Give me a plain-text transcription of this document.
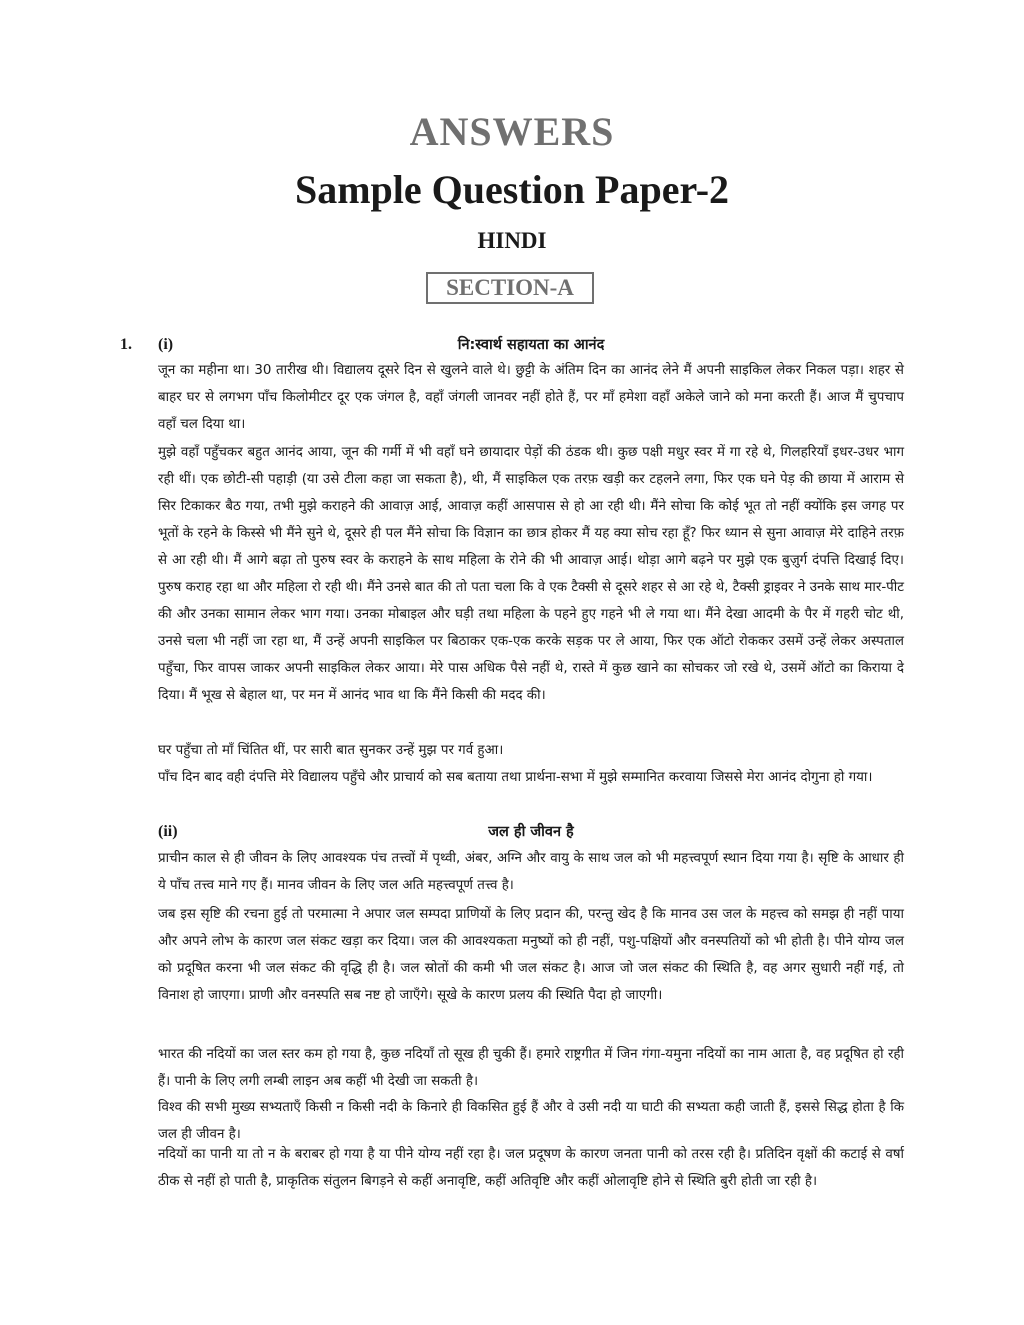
ANSWERS
Sample Question Paper-2
HINDI
SECTION-A
1. (i)	नि:स्वार्थ सहायता का आनंद

जून का महीना था। 30 तारीख थी। विद्यालय दूसरे दिन से खुलने वाले थे। छुट्टी के अंतिम दिन का आनंद लेने मैं अपनी साइकिल लेकर निकल पड़ा। शहर से बाहर घर से लगभग पाँच किलोमीटर दूर एक जंगल है, वहाँ जंगली जानवर नहीं होते हैं, पर माँ हमेशा वहाँ अकेले जाने को मना करती हैं। आज मैं चुपचाप वहाँ चल दिया था।

मुझे वहाँ पहुँचकर बहुत आनंद आया, जून की गर्मी में भी वहाँ घने छायादार पेड़ों की ठंडक थी। कुछ पक्षी मधुर स्वर में गा रहे थे, गिलहरियाँ इधर-उधर भाग रही थीं। एक छोटी-सी पहाड़ी (या उसे टीला कहा जा सकता है), थी, मैं साइकिल एक तरफ़ खड़ी कर टहलने लगा, फिर एक घने पेड़ की छाया में आराम से सिर टिकाकर बैठ गया, तभी मुझे कराहने की आवाज़ आई, आवाज़ कहीं आसपास से हो आ रही थी। मैंने सोचा कि कोई भूत तो नहीं क्योंकि इस जगह पर भूतों के रहने के किस्से भी मैंने सुने थे, दूसरे ही पल मैंने सोचा कि विज्ञान का छात्र होकर मैं यह क्या सोच रहा हूँ? फिर ध्यान से सुना आवाज़ मेरे दाहिने तरफ़ से आ रही थी। मैं आगे बढ़ा तो पुरुष स्वर के कराहने के साथ महिला के रोने की भी आवाज़ आई। थोड़ा आगे बढ़ने पर मुझे एक बुज़ुर्ग दंपत्ति दिखाई दिए। पुरुष कराह रहा था और महिला रो रही थी। मैंने उनसे बात की तो पता चला कि वे एक टैक्सी से दूसरे शहर से आ रहे थे, टैक्सी ड्राइवर ने उनके साथ मार-पीट की और उनका सामान लेकर भाग गया। उनका मोबाइल और घड़ी तथा महिला के पहने हुए गहने भी ले गया था। मैंने देखा आदमी के पैर में गहरी चोट थी, उनसे चला भी नहीं जा रहा था, मैं उन्हें अपनी साइकिल पर बिठाकर एक-एक करके सड़क पर ले आया, फिर एक ऑटो रोककर उसमें उन्हें लेकर अस्पताल पहुँचा, फिर वापस जाकर अपनी साइकिल लेकर आया। मेरे पास अधिक पैसे नहीं थे, रास्ते में कुछ खाने का सोचकर जो रखे थे, उसमें ऑटो का किराया दे दिया। मैं भूख से बेहाल था, पर मन में आनंद भाव था कि मैंने किसी की मदद की।

घर पहुँचा तो माँ चिंतित थीं, पर सारी बात सुनकर उन्हें मुझ पर गर्व हुआ।

पाँच दिन बाद वही दंपत्ति मेरे विद्यालय पहुँचे और प्राचार्य को सब बताया तथा प्रार्थना-सभा में मुझे सम्मानित करवाया जिससे मेरा आनंद दोगुना हो गया।

(ii)	जल ही जीवन है

प्राचीन काल से ही जीवन के लिए आवश्यक पंच तत्त्वों में पृथ्वी, अंबर, अग्नि और वायु के साथ जल को भी महत्त्वपूर्ण स्थान दिया गया है। सृष्टि के आधार ही ये पाँच तत्त्व माने गए हैं। मानव जीवन के लिए जल अति महत्त्वपूर्ण तत्त्व है।

जब इस सृष्टि की रचना हुई तो परमात्मा ने अपार जल सम्पदा प्राणियों के लिए प्रदान की, परन्तु खेद है कि मानव उस जल के महत्त्व को समझ ही नहीं पाया और अपने लोभ के कारण जल संकट खड़ा कर दिया। जल की आवश्यकता मनुष्यों को ही नहीं, पशु-पक्षियों और वनस्पतियों को भी होती है। पीने योग्य जल को प्रदूषित करना भी जल संकट की वृद्धि ही है। जल स्रोतों की कमी भी जल संकट है। आज जो जल संकट की स्थिति है, वह अगर सुधारी नहीं गई, तो विनाश हो जाएगा। प्राणी और वनस्पति सब नष्ट हो जाएँगे। सूखे के कारण प्रलय की स्थिति पैदा हो जाएगी।

भारत की नदियों का जल स्तर कम हो गया है, कुछ नदियाँ तो सूख ही चुकी हैं। हमारे राष्ट्रगीत में जिन गंगा-यमुना नदियों का नाम आता है, वह प्रदूषित हो रही हैं। पानी के लिए लगी लम्बी लाइन अब कहीं भी देखी जा सकती है।

विश्व की सभी मुख्य सभ्यताएँ किसी न किसी नदी के किनारे ही विकसित हुई हैं और वे उसी नदी या घाटी की सभ्यता कही जाती हैं, इससे सिद्ध होता है कि जल ही जीवन है।

नदियों का पानी या तो न के बराबर हो गया है या पीने योग्य नहीं रहा है। जल प्रदूषण के कारण जनता पानी को तरस रही है। प्रतिदिन वृक्षों की कटाई से वर्षा ठीक से नहीं हो पाती है, प्राकृतिक संतुलन बिगड़ने से कहीं अनावृष्टि, कहीं अतिवृष्टि और कहीं ओलावृष्टि होने से स्थिति बुरी होती जा रही है।
